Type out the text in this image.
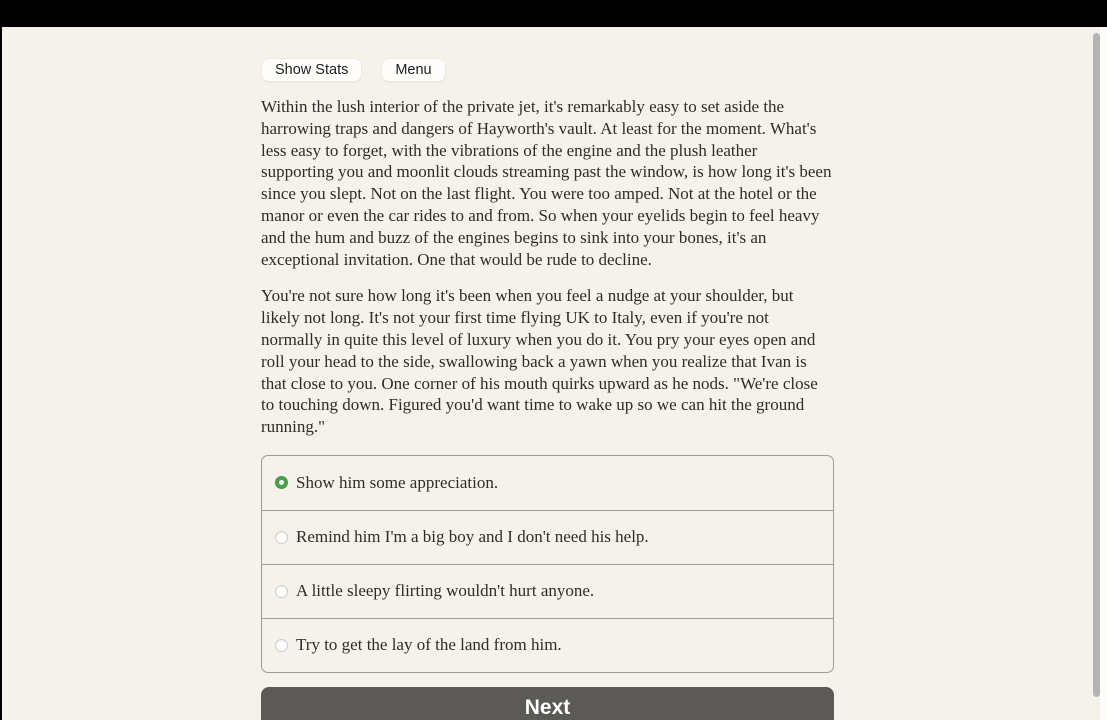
Show Stats	Menu

Within the lush interior of the private jet, it's remarkably easy to set aside the harrowing traps and dangers of Hayworth's vault. At least for the moment. What's less easy to forget, with the vibrations of the engine and the plush leather supporting you and moonlit clouds streaming past the window, is how long it's been since you slept. Not on the last flight. You were too amped. Not at the hotel or the manor or even the car rides to and from. So when your eyelids begin to feel heavy and the hum and buzz of the engines begins to sink into your bones, it's an exceptional invitation. One that would be rude to decline.

You're not sure how long it's been when you feel a nudge at your shoulder, but likely not long. It's not your first time flying UK to Italy, even if you're not normally in quite this level of luxury when you do it. You pry your eyes open and roll your head to the side, swallowing back a yawn when you realize that Ivan is that close to you. One corner of his mouth quirks upward as he nods. "We're close to touching down. Figured you'd want time to wake up so we can hit the ground running."

Show him some appreciation.
Remind him I'm a big boy and I don't need his help.
A little sleepy flirting wouldn't hurt anyone.
Try to get the lay of the land from him.
Next
